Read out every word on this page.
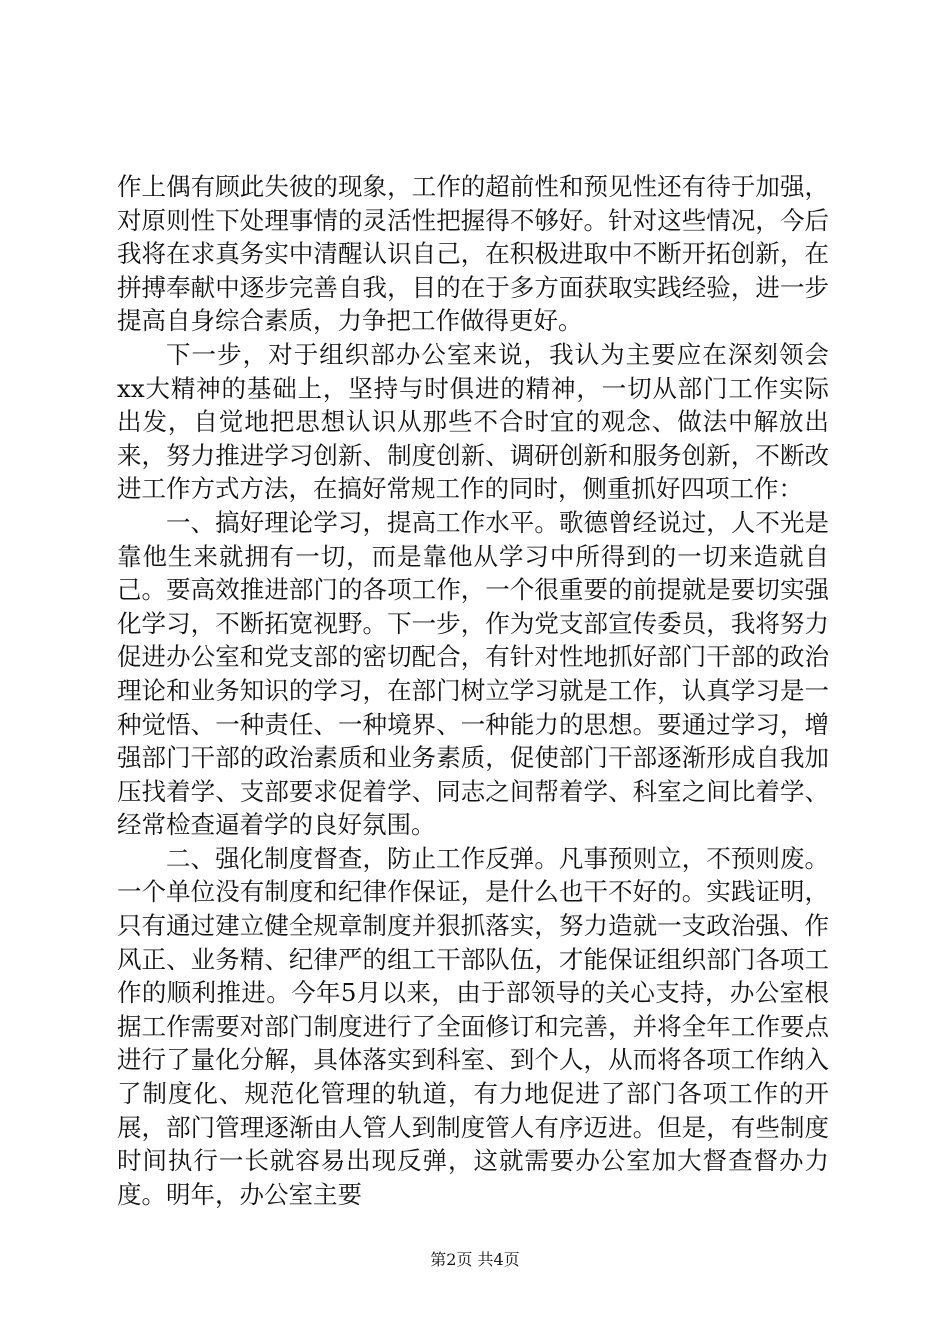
作上偶有顾此失彼的现象，工作的超前性和预见性还有待于加强，对原则性下处理事情的灵活性把握得不够好。针对这些情况，今后我将在求真务实中清醒认识自己，在积极进取中不断开拓创新，在拼搏奉献中逐步完善自我，目的在于多方面获取实践经验，进一步提高自身综合素质，力争把工作做得更好。

下一步，对于组织部办公室来说，我认为主要应在深刻领会xx大精神的基础上，坚持与时俱进的精神，一切从部门工作实际出发，自觉地把思想认识从那些不合时宜的观念、做法中解放出来，努力推进学习创新、制度创新、调研创新和服务创新，不断改进工作方式方法，在搞好常规工作的同时，侧重抓好四项工作：

一、搞好理论学习，提高工作水平。歌德曾经说过，人不光是靠他生来就拥有一切，而是靠他从学习中所得到的一切来造就自己。要高效推进部门的各项工作，一个很重要的前提就是要切实强化学习，不断拓宽视野。下一步，作为党支部宣传委员，我将努力促进办公室和党支部的密切配合，有针对性地抓好部门干部的政治理论和业务知识的学习，在部门树立学习就是工作，认真学习是一种觉悟、一种责任、一种境界、一种能力的思想。要通过学习，增强部门干部的政治素质和业务素质，促使部门干部逐渐形成自我加压找着学、支部要求促着学、同志之间帮着学、科室之间比着学、经常检查逼着学的良好氛围。

二、强化制度督查，防止工作反弹。凡事预则立，不预则废。一个单位没有制度和纪律作保证，是什么也干不好的。实践证明，只有通过建立健全规章制度并狠抓落实，努力造就一支政治强、作风正、业务精、纪律严的组工干部队伍，才能保证组织部门各项工作的顺利推进。今年5月以来，由于部领导的关心支持，办公室根据工作需要对部门制度进行了全面修订和完善，并将全年工作要点进行了量化分解，具体落实到科室、到个人，从而将各项工作纳入了制度化、规范化管理的轨道，有力地促进了部门各项工作的开展，部门管理逐渐由人管人到制度管人有序迈进。但是，有些制度时间执行一长就容易出现反弹，这就需要办公室加大督查督办力度。明年，办公室主要

第2页 共4页
